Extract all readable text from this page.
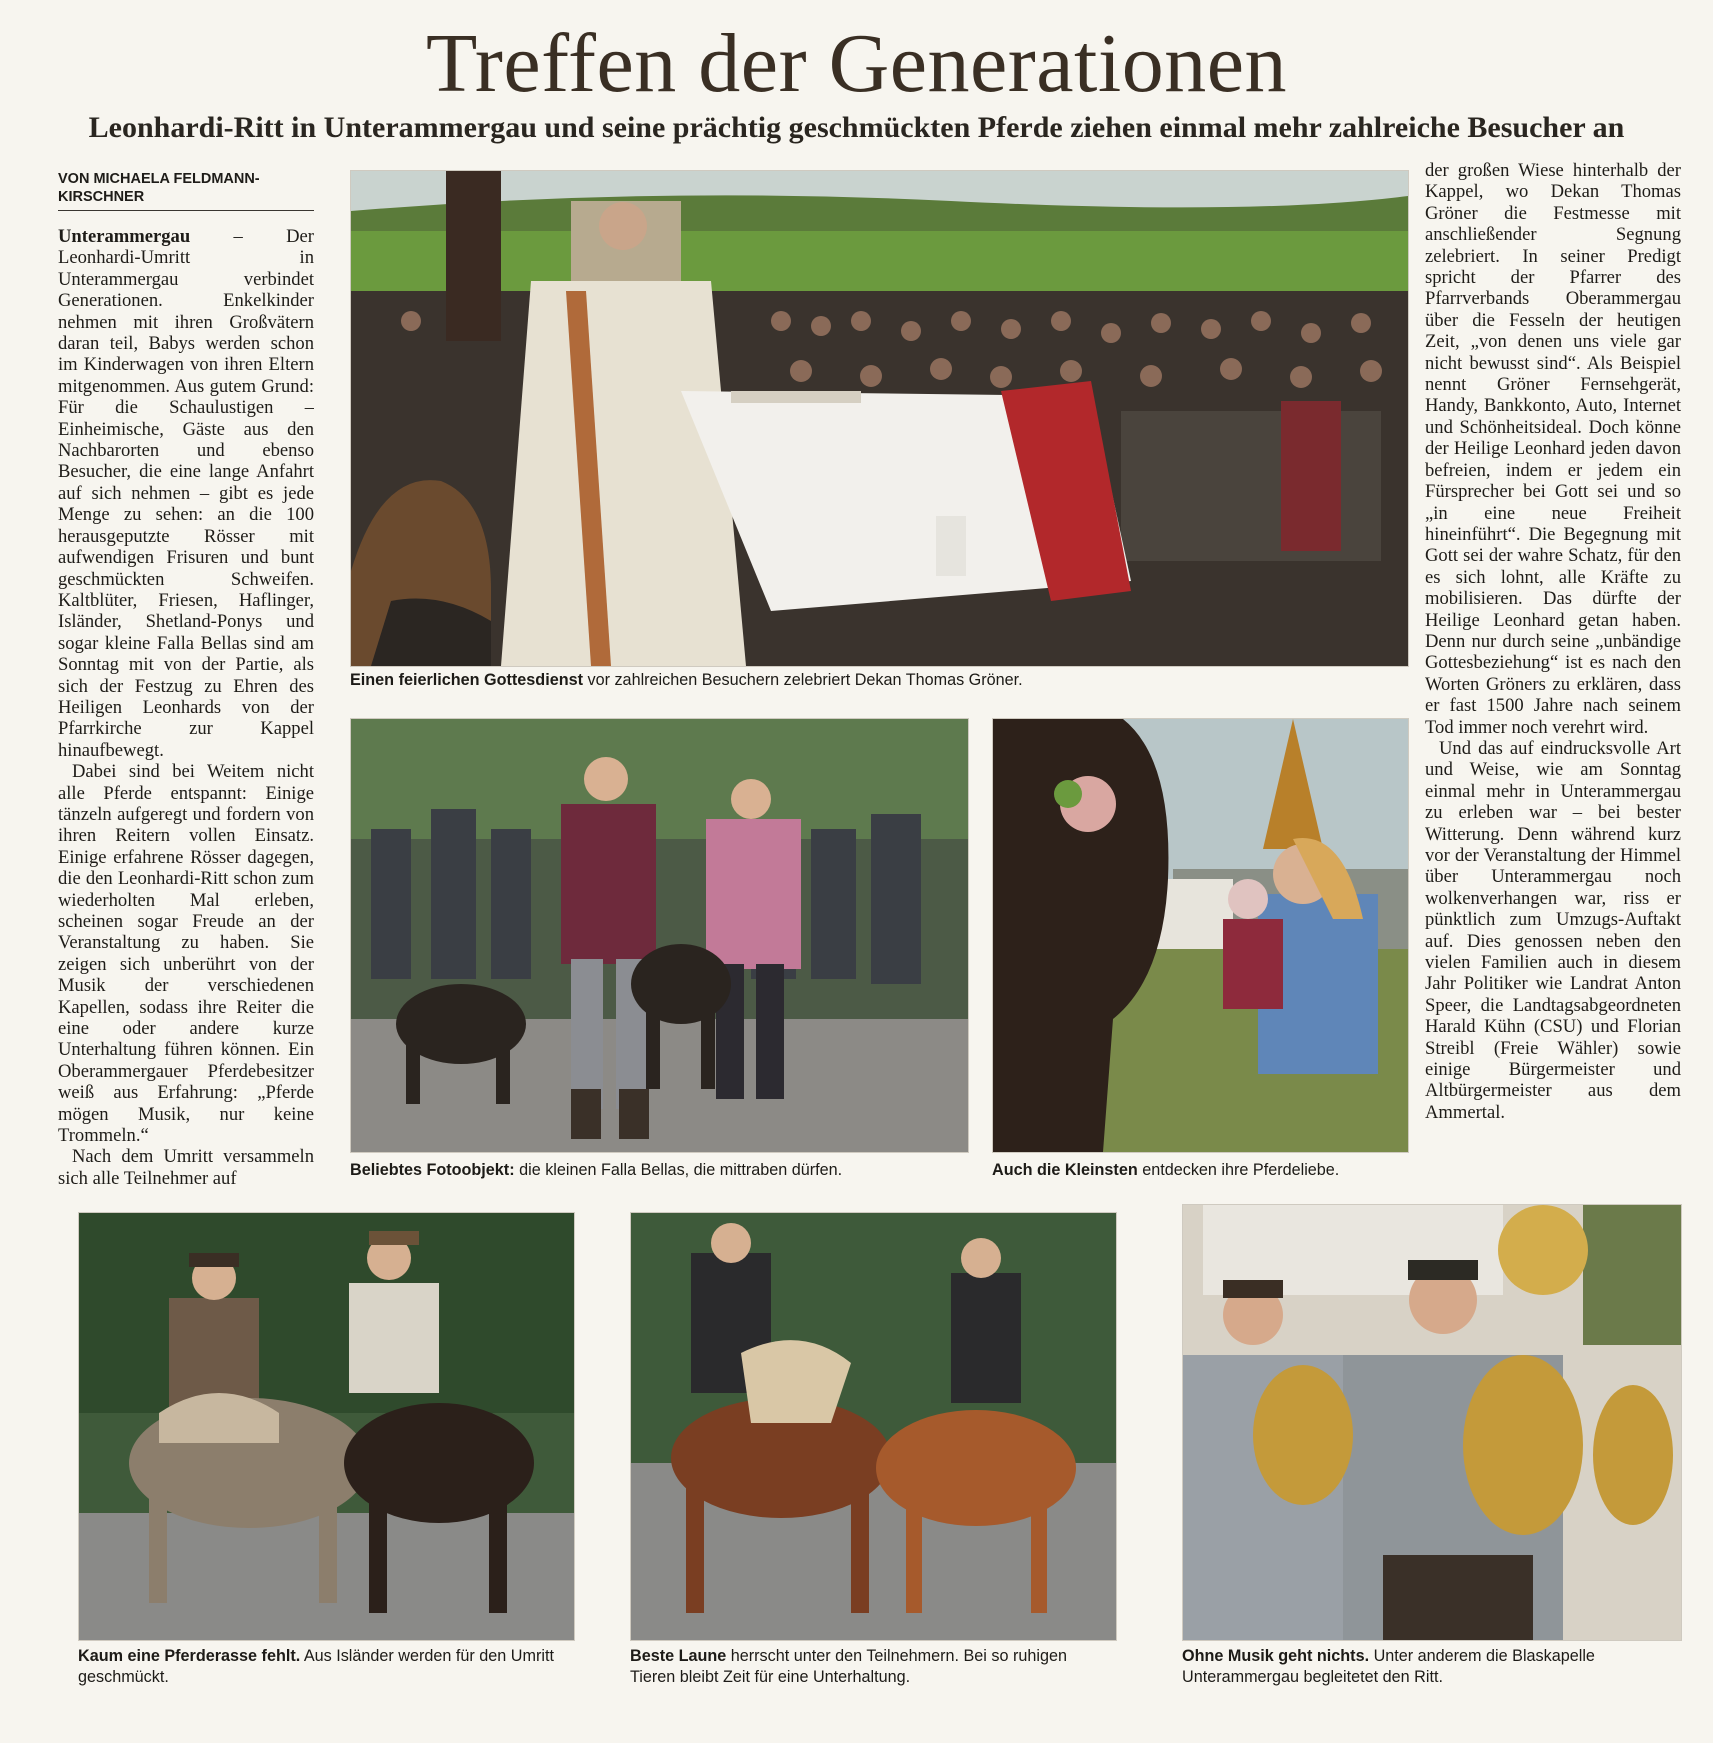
Treffen der Generationen
Leonhardi-Ritt in Unterammergau und seine prächtig geschmückten Pferde ziehen einmal mehr zahlreiche Besucher an
VON MICHAELA FELDMANN-KIRSCHNER

Unterammergau – Der Leonhardi-Umritt in Unterammergau verbindet Generationen. Enkelkinder nehmen mit ihren Großvätern daran teil, Babys werden schon im Kinderwagen von ihren Eltern mitgenommen. Aus gutem Grund: Für die Schaulustigen – Einheimische, Gäste aus den Nachbarorten und ebenso Besucher, die eine lange Anfahrt auf sich nehmen – gibt es jede Menge zu sehen: an die 100 herausgeputzte Rösser mit aufwendigen Frisuren und bunt geschmückten Schweifen. Kaltblüter, Friesen, Haflinger, Isländer, Shetland-Ponys und sogar kleine Falla Bellas sind am Sonntag mit von der Partie, als sich der Festzug zu Ehren des Heiligen Leonhards von der Pfarrkirche zur Kappel hinaufbewegt.

Dabei sind bei Weitem nicht alle Pferde entspannt: Einige tänzeln aufgeregt und fordern von ihren Reitern vollen Einsatz. Einige erfahrene Rösser dagegen, die den Leonhardi-Ritt schon zum wiederholten Mal erleben, scheinen sogar Freude an der Veranstaltung zu haben. Sie zeigen sich unberührt von der Musik der verschiedenen Kapellen, sodass ihre Reiter die eine oder andere kurze Unterhaltung führen können. Ein Oberammergauer Pferdebesitzer weiß aus Erfahrung: „Pferde mögen Musik, nur keine Trommeln.“

Nach dem Umritt versammeln sich alle Teilnehmer auf

der großen Wiese hinterhalb der Kappel, wo Dekan Thomas Gröner die Festmesse mit anschließender Segnung zelebriert. In seiner Predigt spricht der Pfarrer des Pfarrverbands Oberammergau über die Fesseln der heutigen Zeit, „von denen uns viele gar nicht bewusst sind“. Als Beispiel nennt Gröner Fernsehgerät, Handy, Bankkonto, Auto, Internet und Schönheitsideal. Doch könne der Heilige Leonhard jeden davon befreien, indem er jedem ein Fürsprecher bei Gott sei und so „in eine neue Freiheit hineinführt“. Die Begegnung mit Gott sei der wahre Schatz, für den es sich lohnt, alle Kräfte zu mobilisieren. Das dürfte der Heilige Leonhard getan haben. Denn nur durch seine „unbändige Gottesbeziehung“ ist es nach den Worten Gröners zu erklären, dass er fast 1500 Jahre nach seinem Tod immer noch verehrt wird.

Und das auf eindrucksvolle Art und Weise, wie am Sonntag einmal mehr in Unterammergau zu erleben war – bei bester Witterung. Denn während kurz vor der Veranstaltung der Himmel über Unterammergau noch wolkenverhangen war, riss er pünktlich zum Umzugs-Auftakt auf. Dies genossen neben den vielen Familien auch in diesem Jahr Politiker wie Landrat Anton Speer, die Landtagsabgeordneten Harald Kühn (CSU) und Florian Streibl (Freie Wähler) sowie einige Bürgermeister und Altbürgermeister aus dem Ammertal.

Einen feierlichen Gottesdienst vor zahlreichen Besuchern zelebriert Dekan Thomas Gröner.
Beliebtes Fotoobjekt: die kleinen Falla Bellas, die mittraben dürfen.	Auch die Kleinsten entdecken ihre Pferdeliebe.
Kaum eine Pferderasse fehlt. Aus Isländer werden für den Umritt geschmückt.
Beste Laune herrscht unter den Teilnehmern. Bei so ruhigen Tieren bleibt Zeit für eine Unterhaltung.
Ohne Musik geht nichts. Unter anderem die Blaskapelle Unterammergau begleitetet den Ritt.
